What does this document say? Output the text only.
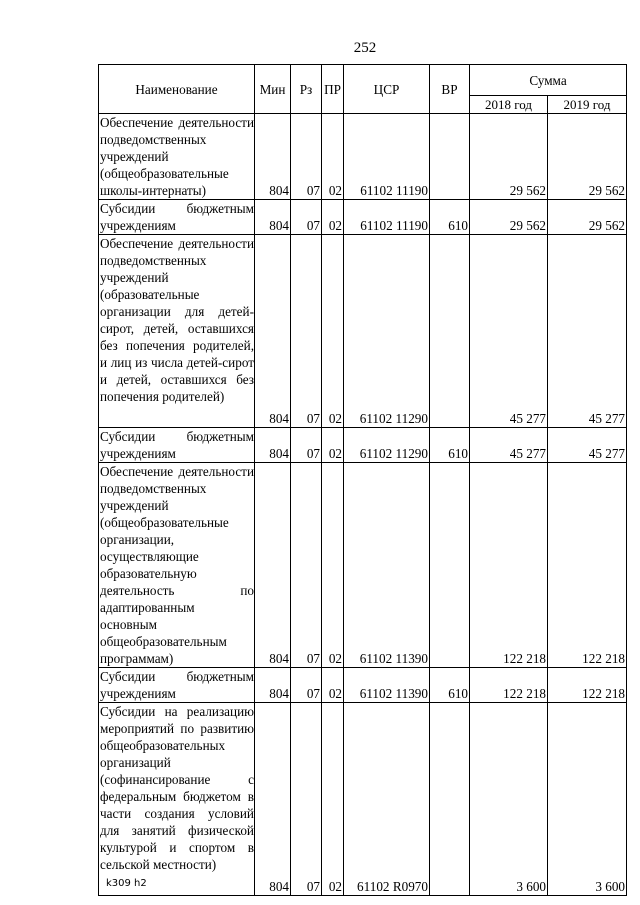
252
Наименование	Мин	Рз	ПР	ЦСР	ВР	Сумма	
						2018 год	2019 год
Обеспечение деятельности подведомственных учреждений (общеобразовательные школы-интернаты)	804	07	02	61102 11190		29 562	29 562
Субсидии бюджетным учреждениям	804	07	02	61102 11190	610	29 562	29 562
Обеспечение деятельности подведомственных учреждений (образовательные организации для детей-сирот, детей, оставшихся без попечения родителей, и лиц из числа детей-сирот и детей, оставшихся без попечения родителей)	804	07	02	61102 11290		45 277	45 277
Субсидии бюджетным учреждениям	804	07	02	61102 11290	610	45 277	45 277
Обеспечение деятельности подведомственных учреждений (общеобразовательные организации, осуществляющие образовательную деятельность по адаптированным основным общеобразовательным программам)	804	07	02	61102 11390		122 218	122 218
Субсидии бюджетным учреждениям	804	07	02	61102 11390	610	122 218	122 218
Субсидии на реализацию мероприятий по развитию общеобразовательных организаций (софинансирование с федеральным бюджетом в части создания условий для занятий физической культурой и спортом в сельской местности)	804	07	02	61102 R0970		3 600	3 600
k309 h2
